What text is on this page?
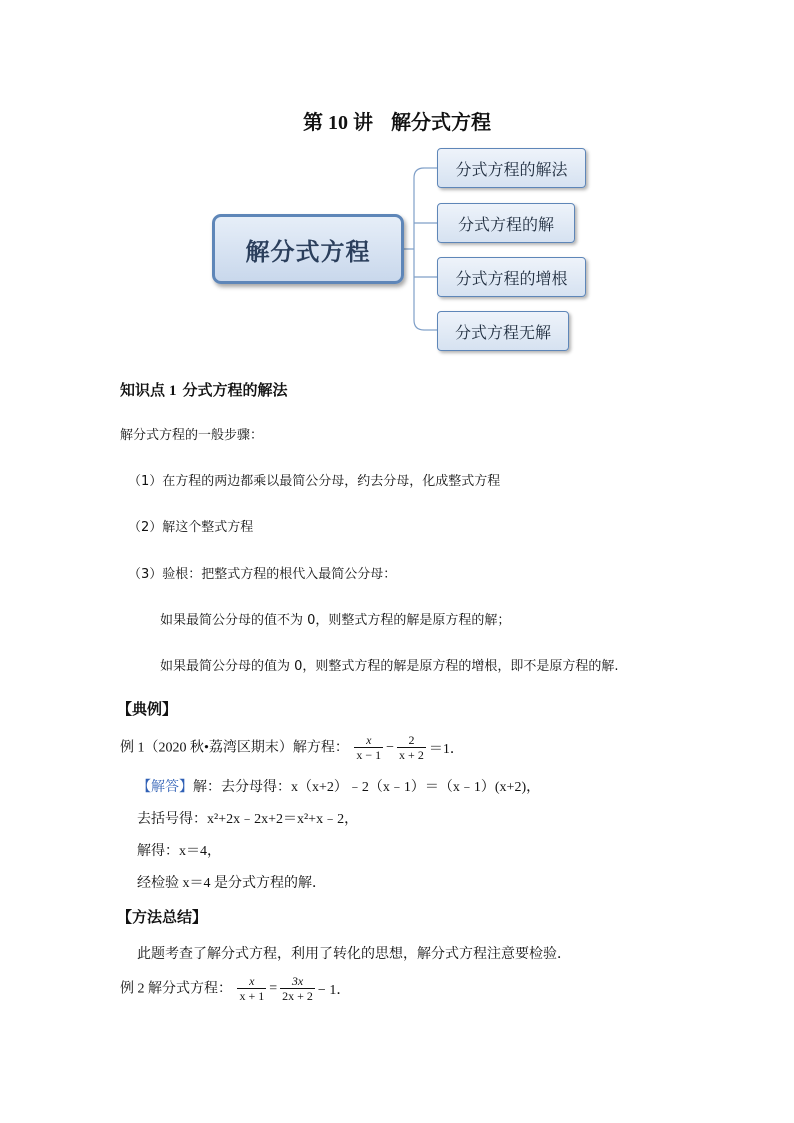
第 10 讲 解分式方程
解分式方程
分式方程的解法
分式方程的解
分式方程的增根
分式方程无解
知识点 1 分式方程的解法
解分式方程的一般步骤：
（1）在方程的两边都乘以最简公分母，约去分母，化成整式方程
（2）解这个整式方程
（3）验根：把整式方程的根代入最简公分母：
如果最简公分母的值不为 0，则整式方程的解是原方程的解；
如果最简公分母的值为 0，则整式方程的解是原方程的增根，即不是原方程的解.
【典例】
例 1（2020 秋•荔湾区期末）解方程： $\frac{x}{x - 1} - \frac{2}{x + 2} =1$．
【解答】解：去分母得：x（x+2）﹣2（x﹣1）＝（x﹣1）(x+2)，
去括号得：x²+2x﹣2x+2＝x²+x﹣2，
解得：x＝4，
经检验 x＝4 是分式方程的解．
【方法总结】
此题考查了解分式方程，利用了转化的思想，解分式方程注意要检验．
例 2 解分式方程： $\frac{x}{x + 1} = \frac{3x}{2x + 2} - 1$．
